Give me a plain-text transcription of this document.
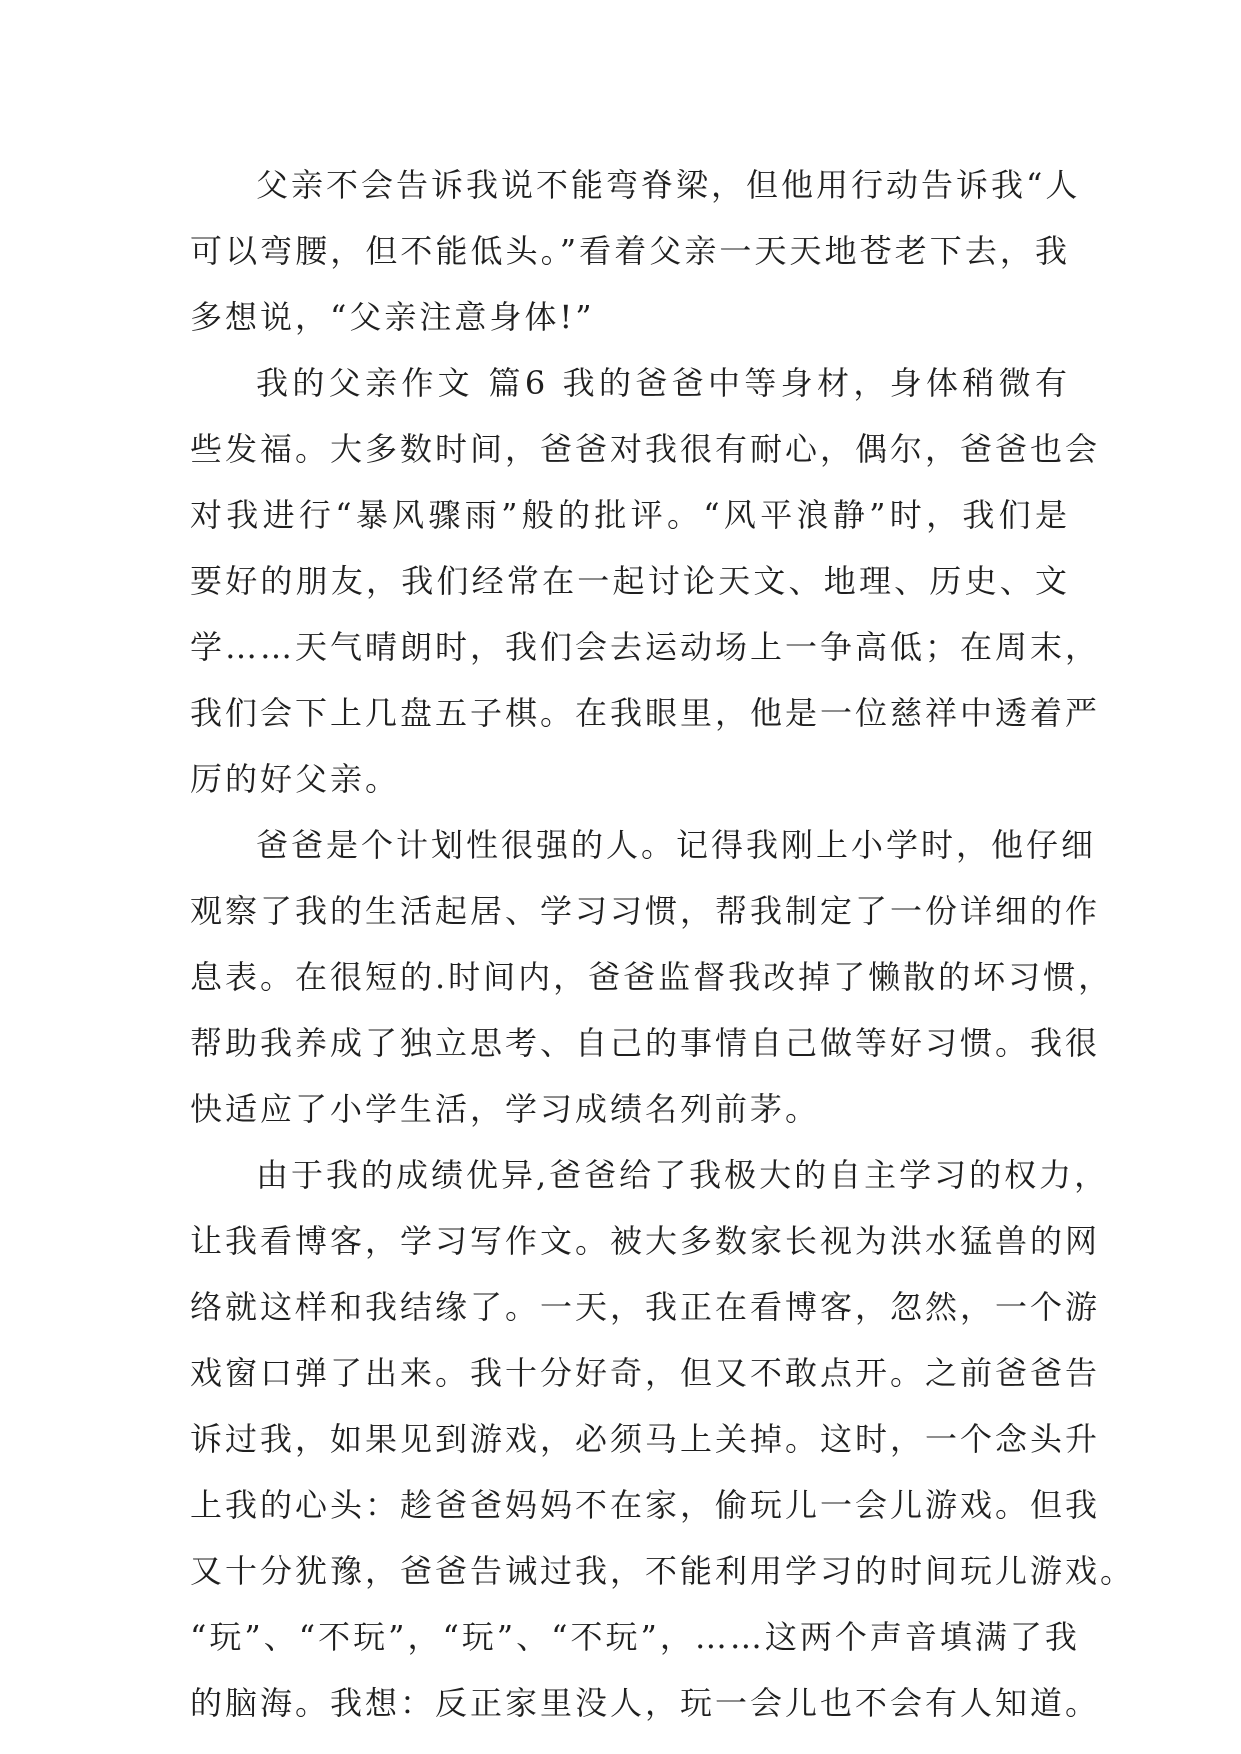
父亲不会告诉我说不能弯脊梁，但他用行动告诉我“人
可以弯腰，但不能低头。”看着父亲一天天地苍老下去，我
多想说，“父亲注意身体!”
我的父亲作文 篇6 我的爸爸中等身材，身体稍微有
些发福。大多数时间，爸爸对我很有耐心，偶尔，爸爸也会
对我进行“暴风骤雨”般的批评。“风平浪静”时，我们是
要好的朋友，我们经常在一起讨论天文、地理、历史、文
学……天气晴朗时，我们会去运动场上一争高低；在周末，
我们会下上几盘五子棋。在我眼里，他是一位慈祥中透着严
厉的好父亲。
爸爸是个计划性很强的人。记得我刚上小学时，他仔细
观察了我的生活起居、学习习惯，帮我制定了一份详细的作
息表。在很短的.时间内，爸爸监督我改掉了懒散的坏习惯，
帮助我养成了独立思考、自己的事情自己做等好习惯。我很
快适应了小学生活，学习成绩名列前茅。
由于我的成绩优异,爸爸给了我极大的自主学习的权力，
让我看博客，学习写作文。被大多数家长视为洪水猛兽的网
络就这样和我结缘了。一天，我正在看博客，忽然，一个游
戏窗口弹了出来。我十分好奇，但又不敢点开。之前爸爸告
诉过我，如果见到游戏，必须马上关掉。这时，一个念头升
上我的心头：趁爸爸妈妈不在家，偷玩儿一会儿游戏。但我
又十分犹豫，爸爸告诫过我，不能利用学习的时间玩儿游戏。
“玩”、“不玩”，“玩”、“不玩”，……这两个声音填满了我
的脑海。我想：反正家里没人，玩一会儿也不会有人知道。
